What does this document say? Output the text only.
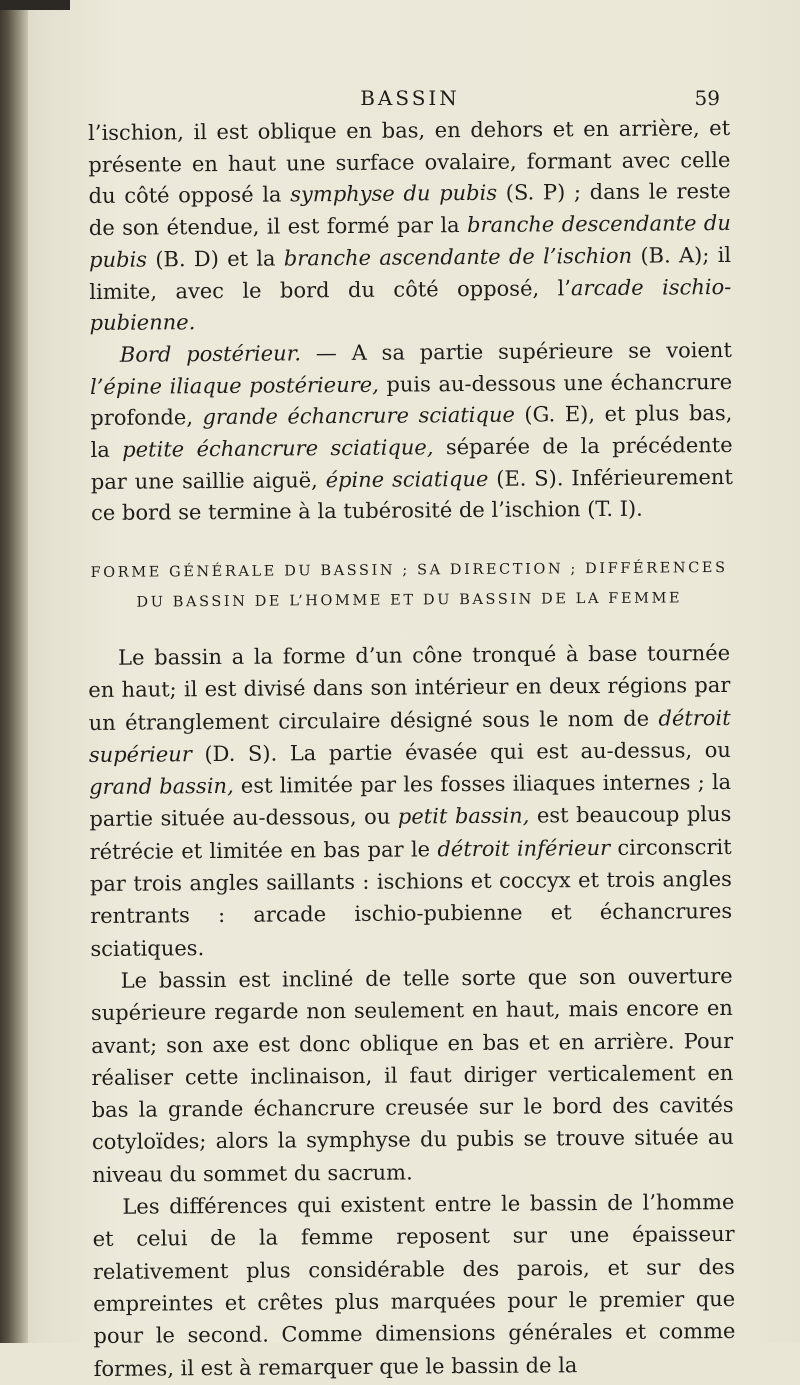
BASSIN	59

l’ischion, il est oblique en bas, en dehors et en arrière, et présente en haut une surface ovalaire, formant avec celle du côté opposé la symphyse du pubis (S. P) ; dans le reste de son étendue, il est formé par la branche descendante du pubis (B. D) et la branche ascendante de l’ischion (B. A); il limite, avec le bord du côté opposé, l’arcade ischio-pubienne.

Bord postérieur. — A sa partie supérieure se voient l’épine iliaque postérieure, puis au-dessous une échancrure profonde, grande échancrure sciatique (G. E), et plus bas, la petite échancrure sciatique, séparée de la précédente par une saillie aiguë, épine sciatique (E. S). Inférieurement ce bord se termine à la tubérosité de l’ischion (T. I).

FORME GÉNÉRALE DU BASSIN ; SA DIRECTION ; DIFFÉRENCES
DU BASSIN DE L’HOMME ET DU BASSIN DE LA FEMME

Le bassin a la forme d’un cône tronqué à base tournée en haut; il est divisé dans son intérieur en deux régions par un étranglement circulaire désigné sous le nom de détroit supérieur (D. S). La partie évasée qui est au-dessus, ou grand bassin, est limitée par les fosses iliaques internes ; la partie située au-dessous, ou petit bassin, est beaucoup plus rétrécie et limitée en bas par le détroit inférieur circonscrit par trois angles saillants : ischions et coccyx et trois angles rentrants : arcade ischio-pubienne et échancrures sciatiques.

Le bassin est incliné de telle sorte que son ouverture supérieure regarde non seulement en haut, mais encore en avant; son axe est donc oblique en bas et en arrière. Pour réaliser cette inclinaison, il faut diriger verticalement en bas la grande échancrure creusée sur le bord des cavités cotyloïdes; alors la symphyse du pubis se trouve située au niveau du sommet du sacrum.

Les différences qui existent entre le bassin de l’homme et celui de la femme reposent sur une épaisseur relativement plus considérable des parois, et sur des empreintes et crêtes plus marquées pour le premier que pour le second. Comme dimensions générales et comme formes, il est à remarquer que le bassin de la
